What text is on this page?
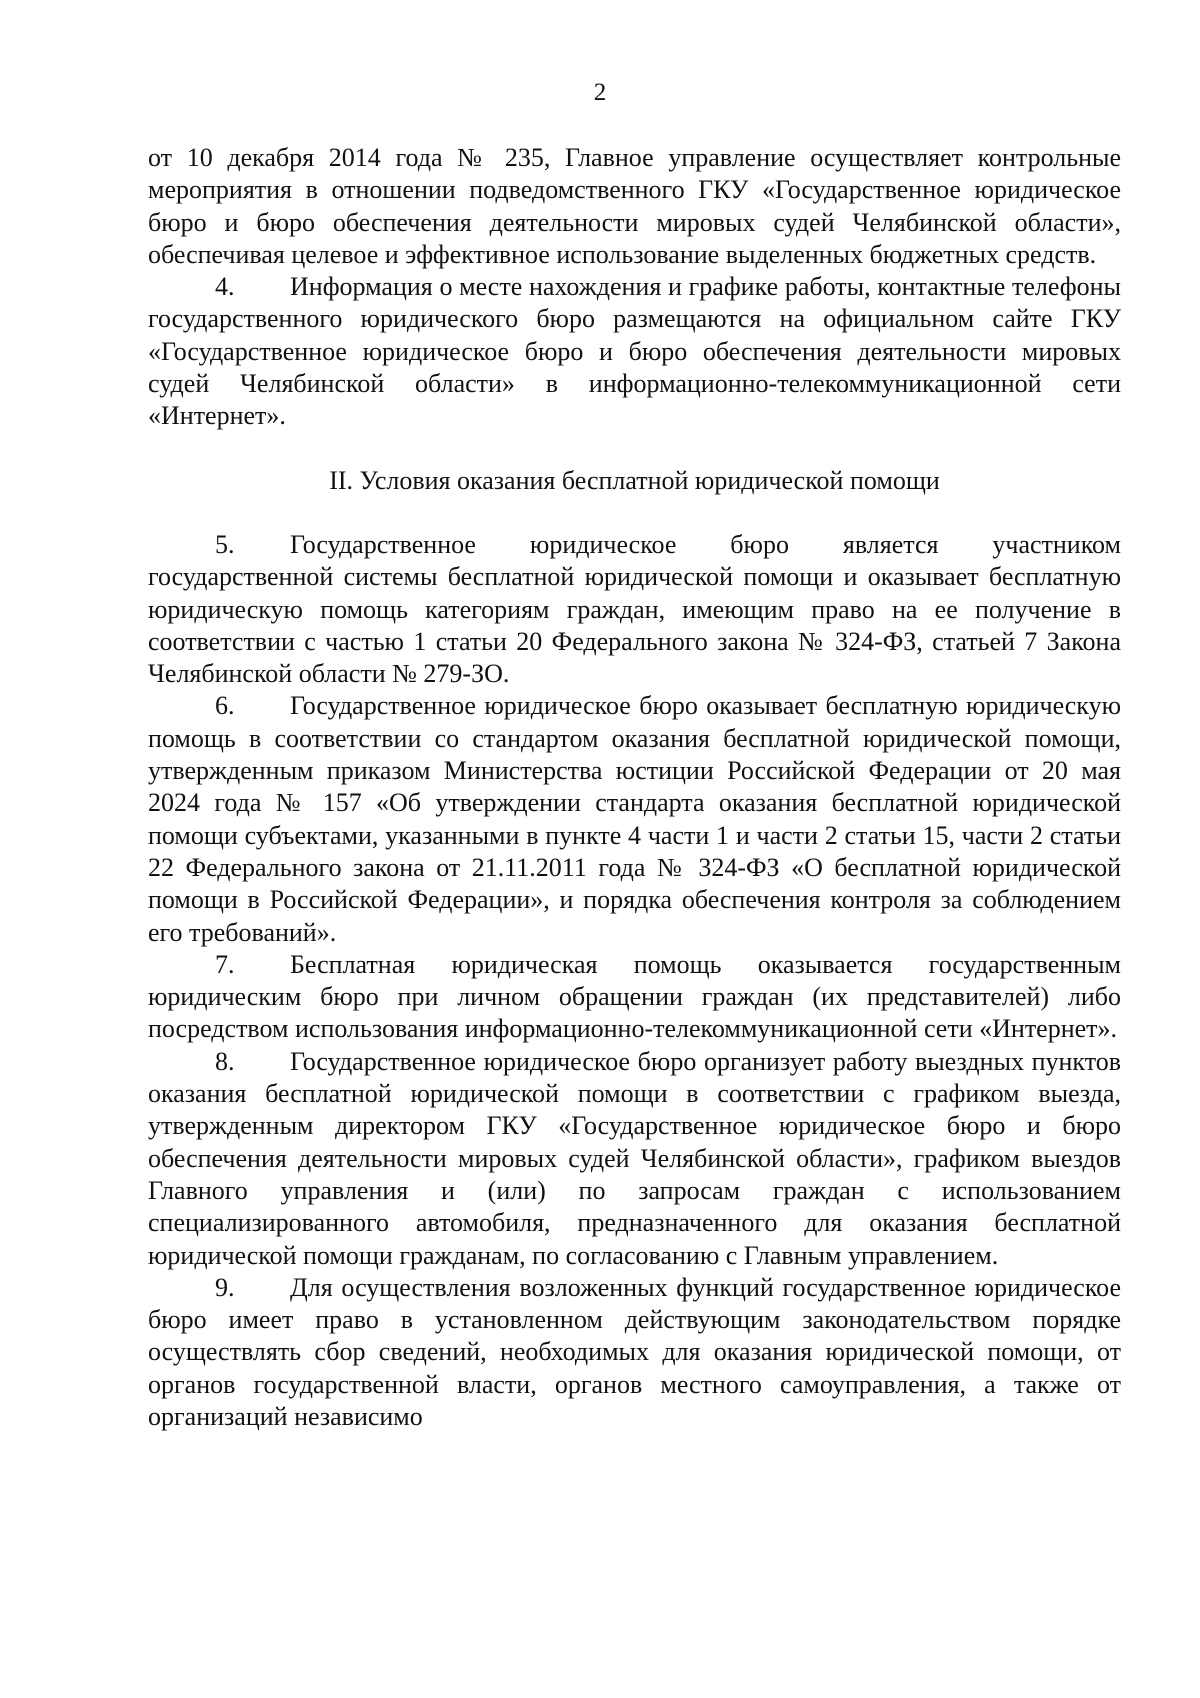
2

от 10 декабря 2014 года № 235, Главное управление осуществляет контрольные мероприятия в отношении подведомственного ГКУ «Государственное юридическое бюро и бюро обеспечения деятельности мировых судей Челябинской области», обеспечивая целевое и эффективное использование выделенных бюджетных средств.

4. Информация о месте нахождения и графике работы, контактные телефоны государственного юридического бюро размещаются на официальном сайте ГКУ «Государственное юридическое бюро и бюро обеспечения деятельности мировых судей Челябинской области» в информационно-телекоммуникационной сети «Интернет».

II. Условия оказания бесплатной юридической помощи

5. Государственное юридическое бюро является участником государственной системы бесплатной юридической помощи и оказывает бесплатную юридическую помощь категориям граждан, имеющим право на ее получение в соответствии с частью 1 статьи 20 Федерального закона № 324-ФЗ, статьей 7 Закона Челябинской области № 279-ЗО.

6. Государственное юридическое бюро оказывает бесплатную юридическую помощь в соответствии со стандартом оказания бесплатной юридической помощи, утвержденным приказом Министерства юстиции Российской Федерации от 20 мая 2024 года № 157 «Об утверждении стандарта оказания бесплатной юридической помощи субъектами, указанными в пункте 4 части 1 и части 2 статьи 15, части 2 статьи 22 Федерального закона от 21.11.2011 года № 324-ФЗ «О бесплатной юридической помощи в Российской Федерации», и порядка обеспечения контроля за соблюдением его требований».

7. Бесплатная юридическая помощь оказывается государственным юридическим бюро при личном обращении граждан (их представителей) либо посредством использования информационно-телекоммуникационной сети «Интернет».

8. Государственное юридическое бюро организует работу выездных пунктов оказания бесплатной юридической помощи в соответствии с графиком выезда, утвержденным директором ГКУ «Государственное юридическое бюро и бюро обеспечения деятельности мировых судей Челябинской области», графиком выездов Главного управления и (или) по запросам граждан с использованием специализированного автомобиля, предназначенного для оказания бесплатной юридической помощи гражданам, по согласованию с Главным управлением.

9. Для осуществления возложенных функций государственное юридическое бюро имеет право в установленном действующим законодательством порядке осуществлять сбор сведений, необходимых для оказания юридической помощи, от органов государственной власти, органов местного самоуправления, а также от организаций независимо
